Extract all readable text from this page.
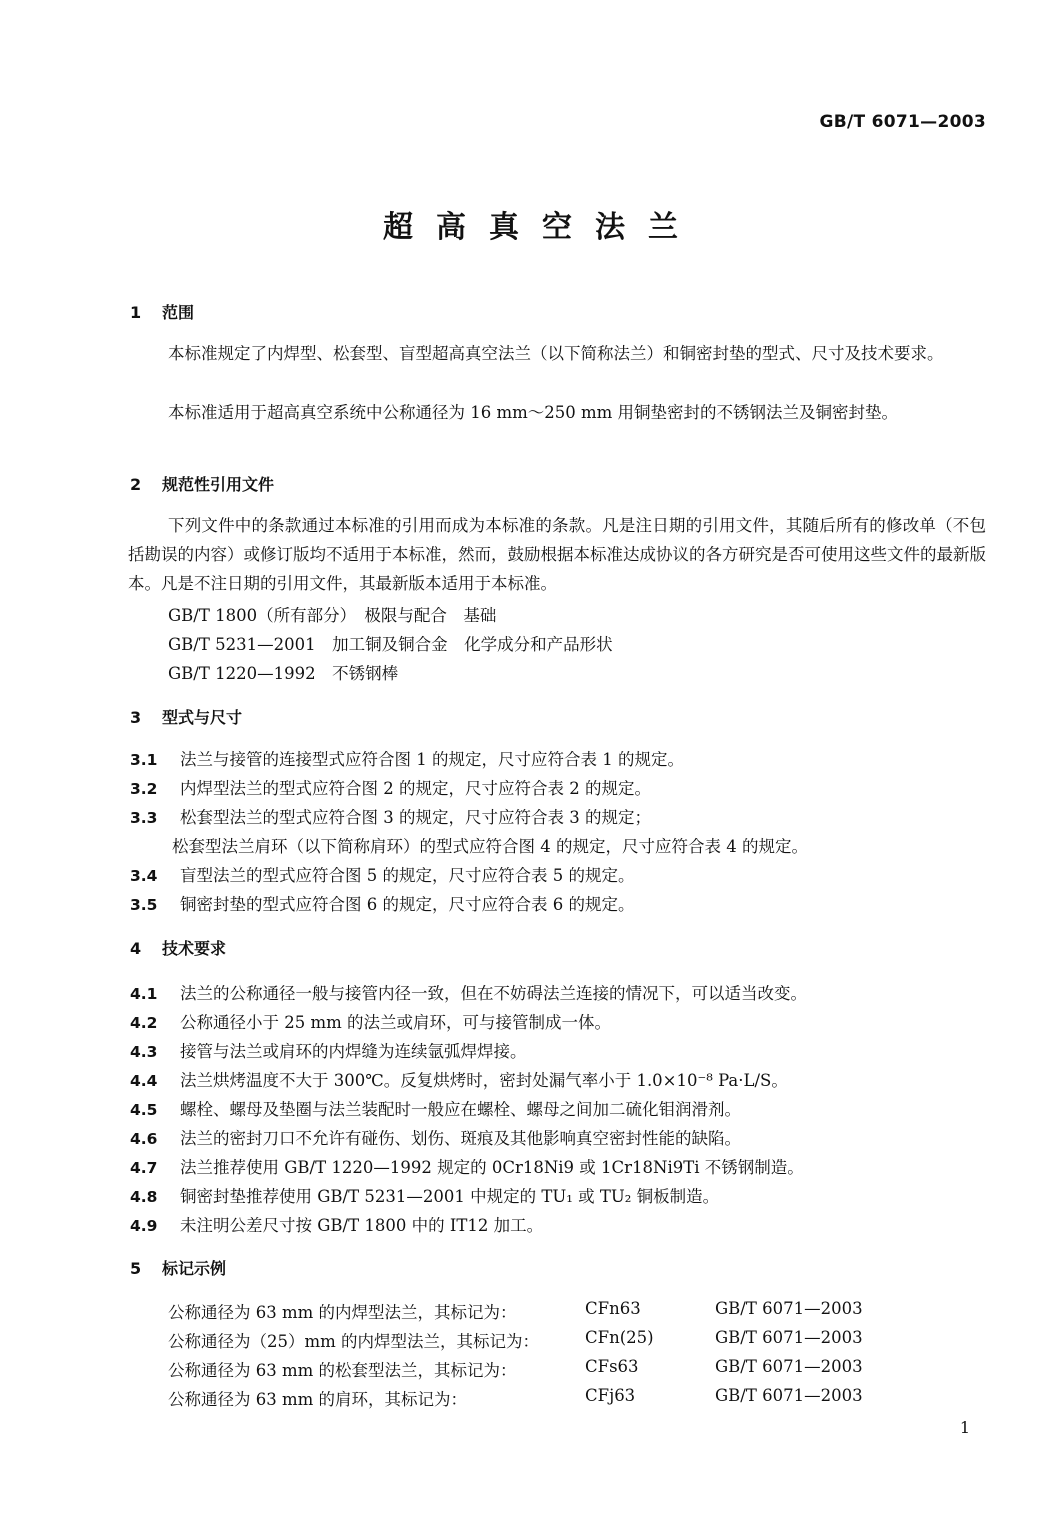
GB/T 6071—2003
超高真空法兰
1 范围
本标准规定了内焊型、松套型、盲型超高真空法兰（以下简称法兰）和铜密封垫的型式、尺寸及技术要求。
本标准适用于超高真空系统中公称通径为 16 mm～250 mm 用铜垫密封的不锈钢法兰及铜密封垫。
2 规范性引用文件
下列文件中的条款通过本标准的引用而成为本标准的条款。凡是注日期的引用文件，其随后所有的修改单（不包括勘误的内容）或修订版均不适用于本标准，然而，鼓励根据本标准达成协议的各方研究是否可使用这些文件的最新版本。凡是不注日期的引用文件，其最新版本适用于本标准。
GB/T 1800（所有部分）　极限与配合　基础
GB/T 5231—2001　加工铜及铜合金　化学成分和产品形状
GB/T 1220—1992　不锈钢棒
3 型式与尺寸
3.1 法兰与接管的连接型式应符合图 1 的规定，尺寸应符合表 1 的规定。
3.2 内焊型法兰的型式应符合图 2 的规定，尺寸应符合表 2 的规定。
3.3 松套型法兰的型式应符合图 3 的规定，尺寸应符合表 3 的规定；
松套型法兰肩环（以下简称肩环）的型式应符合图 4 的规定，尺寸应符合表 4 的规定。
3.4 盲型法兰的型式应符合图 5 的规定，尺寸应符合表 5 的规定。
3.5 铜密封垫的型式应符合图 6 的规定，尺寸应符合表 6 的规定。
4 技术要求
4.1 法兰的公称通径一般与接管内径一致，但在不妨碍法兰连接的情况下，可以适当改变。
4.2 公称通径小于 25 mm 的法兰或肩环，可与接管制成一体。
4.3 接管与法兰或肩环的内焊缝为连续氩弧焊焊接。
4.4 法兰烘烤温度不大于 300℃。反复烘烤时，密封处漏气率小于 1.0×10⁻⁸ Pa·L/S。
4.5 螺栓、螺母及垫圈与法兰装配时一般应在螺栓、螺母之间加二硫化钼润滑剂。
4.6 法兰的密封刀口不允许有碰伤、划伤、斑痕及其他影响真空密封性能的缺陷。
4.7 法兰推荐使用 GB/T 1220—1992 规定的 0Cr18Ni9 或 1Cr18Ni9Ti 不锈钢制造。
4.8 铜密封垫推荐使用 GB/T 5231—2001 中规定的 TU₁ 或 TU₂ 铜板制造。
4.9 未注明公差尺寸按 GB/T 1800 中的 IT12 加工。
5 标记示例
公称通径为 63 mm 的内焊型法兰，其标记为：	CFn63	GB/T 6071—2003
公称通径为（25）mm 的内焊型法兰，其标记为：	CFn(25)	GB/T 6071—2003
公称通径为 63 mm 的松套型法兰，其标记为：	CFs63	GB/T 6071—2003
公称通径为 63 mm 的肩环，其标记为：	CFj63	GB/T 6071—2003
1
